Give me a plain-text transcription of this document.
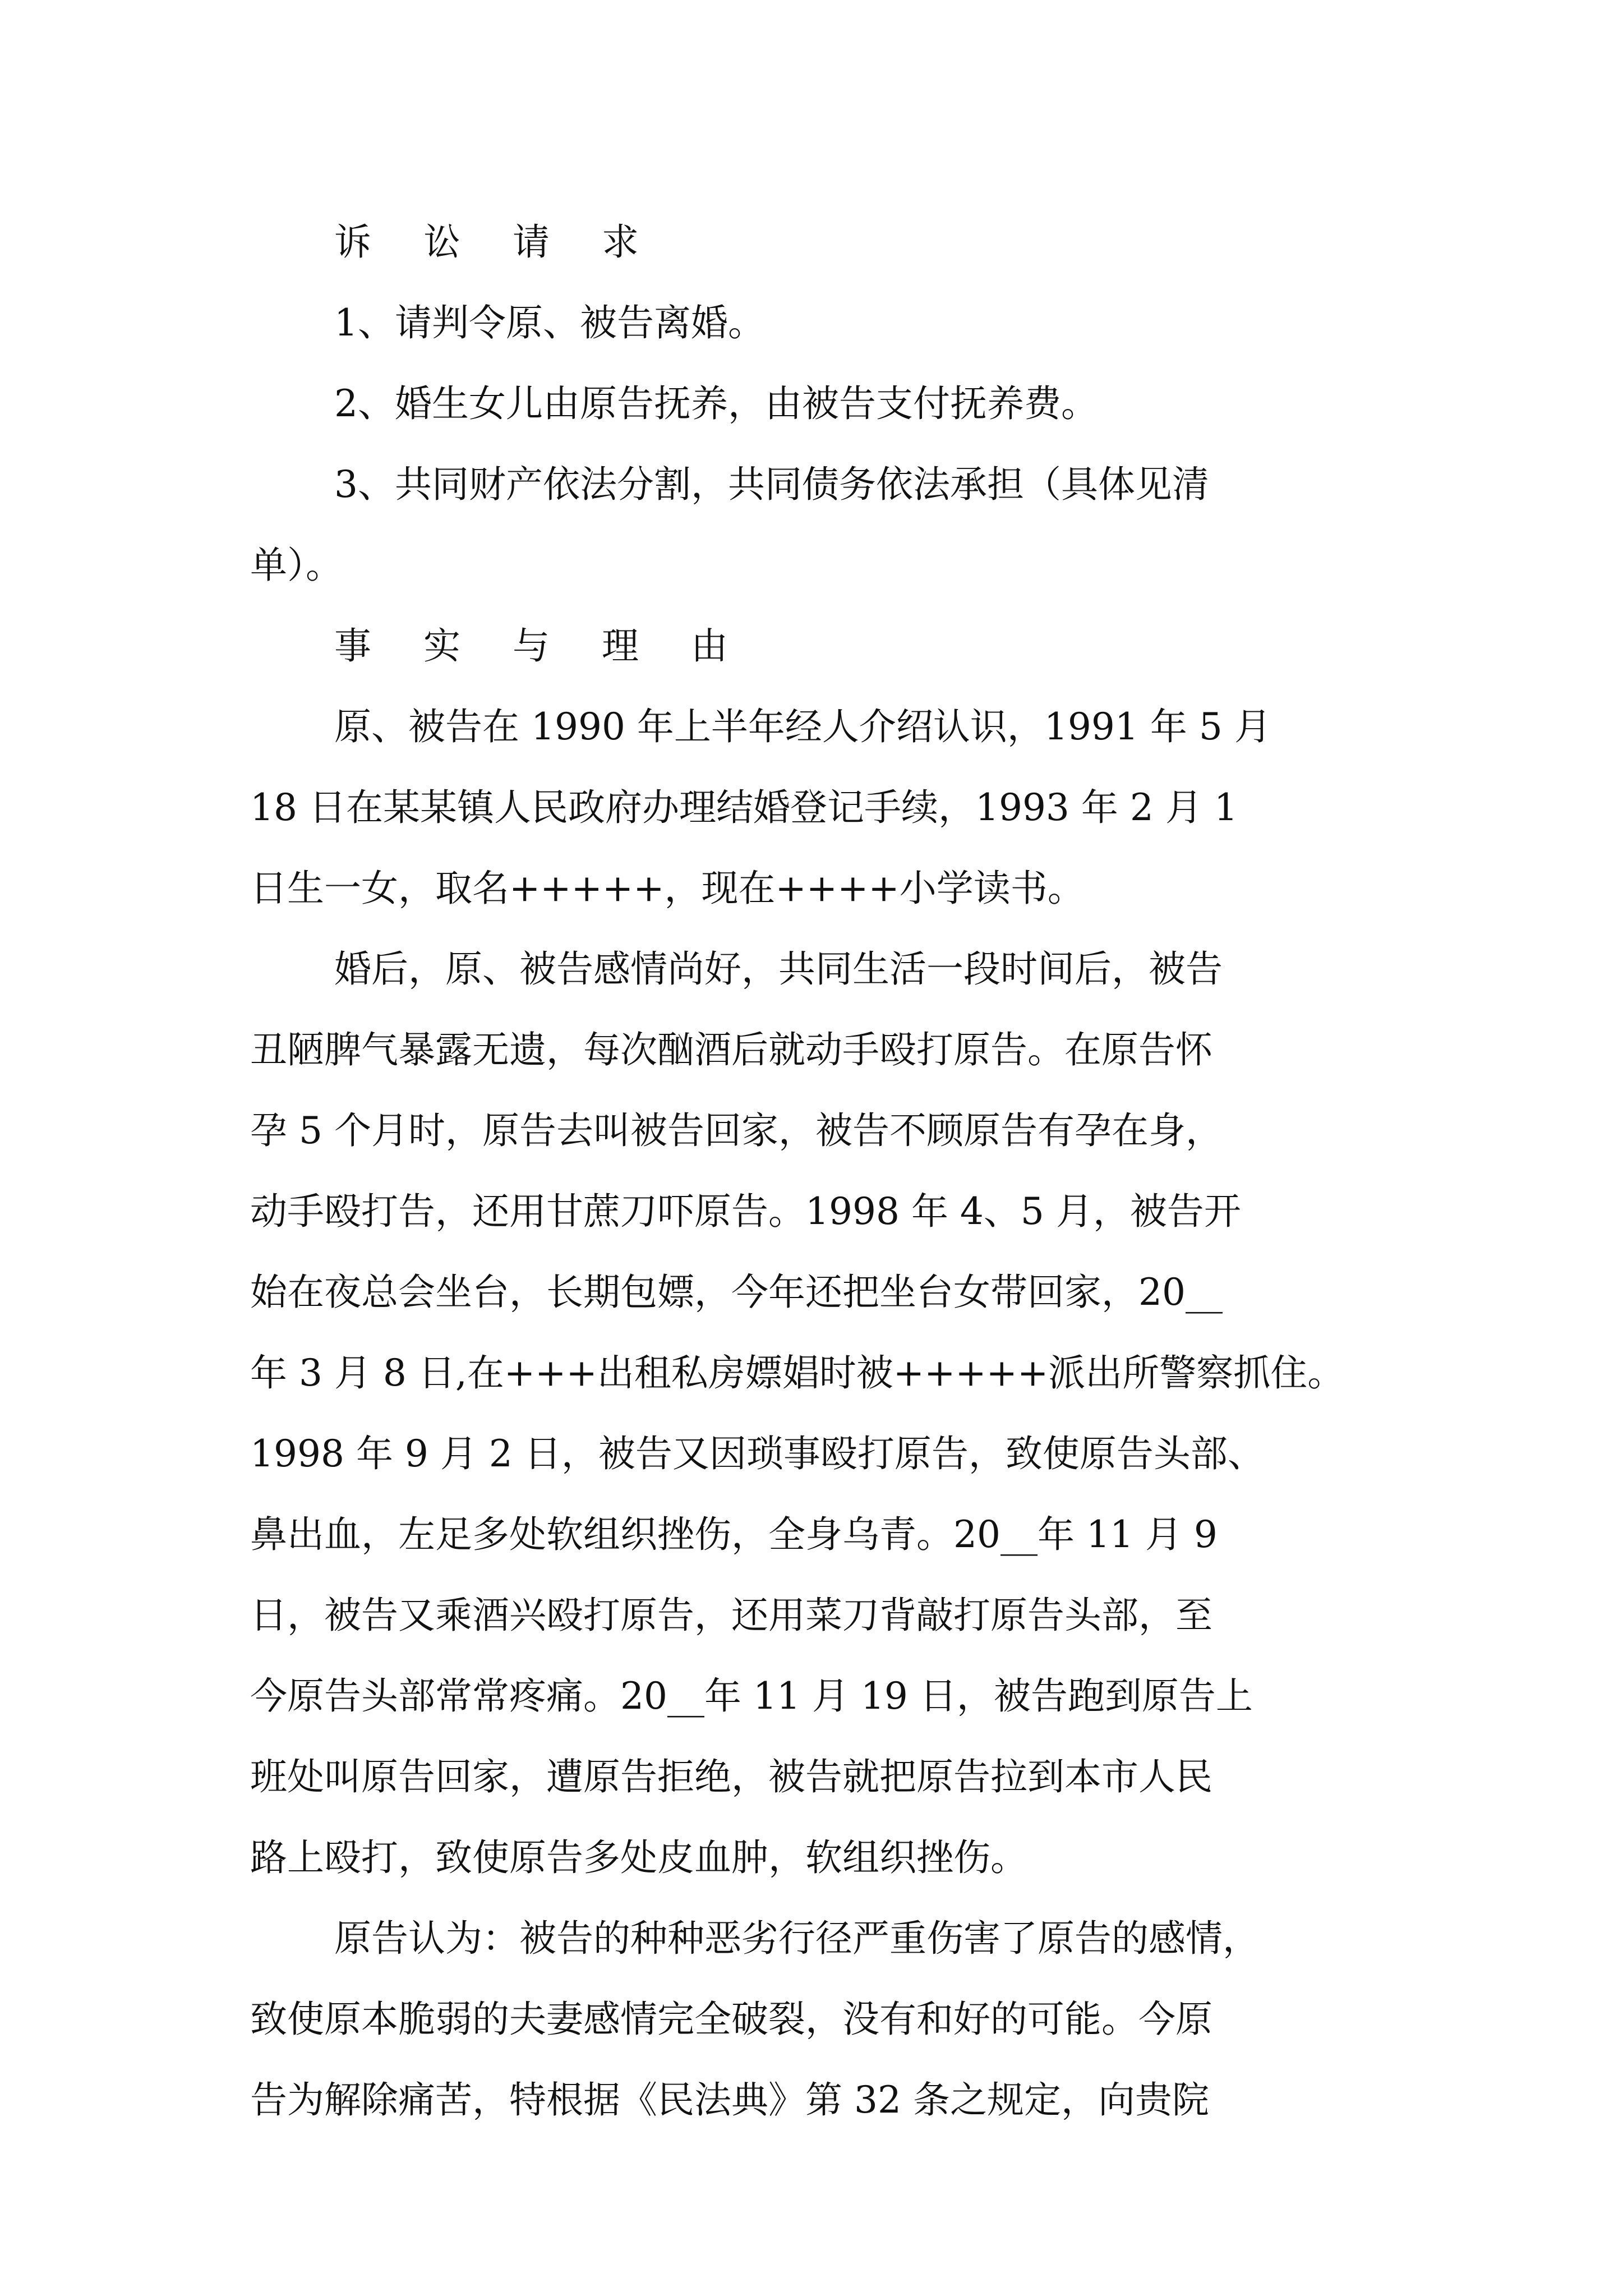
诉 讼 请 求
1、请判令原、被告离婚。
2、婚生女儿由原告抚养，由被告支付抚养费。
3、共同财产依法分割，共同债务依法承担（具体见清
单）。
事 实 与 理 由
原、被告在 1990 年上半年经人介绍认识，1991 年 5 月
18 日在某某镇人民政府办理结婚登记手续，1993 年 2 月 1
日生一女，取名+++++，现在++++小学读书。
婚后，原、被告感情尚好，共同生活一段时间后，被告
丑陋脾气暴露无遗，每次酗酒后就动手殴打原告。在原告怀
孕 5 个月时，原告去叫被告回家，被告不顾原告有孕在身，
动手殴打告，还用甘蔗刀吓原告。1998 年 4、5 月，被告开
始在夜总会坐台，长期包嫖，今年还把坐台女带回家，20__
年 3 月 8 日,在+++出租私房嫖娼时被+++++派出所警察抓住。
1998 年 9 月 2 日，被告又因琐事殴打原告，致使原告头部、
鼻出血，左足多处软组织挫伤，全身乌青。20__年 11 月 9
日，被告又乘酒兴殴打原告，还用菜刀背敲打原告头部，至
今原告头部常常疼痛。20__年 11 月 19 日，被告跑到原告上
班处叫原告回家，遭原告拒绝，被告就把原告拉到本市人民
路上殴打，致使原告多处皮血肿，软组织挫伤。
原告认为：被告的种种恶劣行径严重伤害了原告的感情，
致使原本脆弱的夫妻感情完全破裂，没有和好的可能。今原
告为解除痛苦，特根据《民法典》第 32 条之规定，向贵院
